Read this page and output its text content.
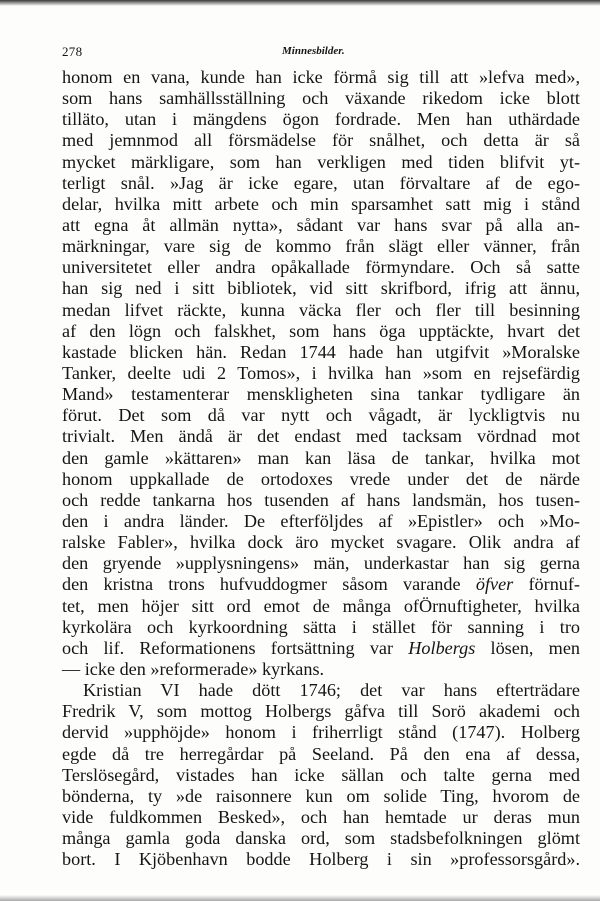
278	Minnesbilder.
honom en vana, kunde han icke förmå sig till att »lefva med»,
som hans samhällsställning och växande rikedom icke blott
tilläto, utan i mängdens ögon fordrade. Men han uthärdade
med jemnmod all försmädelse för snålhet, och detta är så
mycket märkligare, som han verkligen med tiden blifvit yt-
terligt snål. »Jag är icke egare, utan förvaltare af de ego-
delar, hvilka mitt arbete och min sparsamhet satt mig i stånd
att egna åt allmän nytta», sådant var hans svar på alla an-
märkningar, vare sig de kommo från slägt eller vänner, från
universitetet eller andra opåkallade förmyndare. Och så satte
han sig ned i sitt bibliotek, vid sitt skrifbord, ifrig att ännu,
medan lifvet räckte, kunna väcka fler och fler till besinning
af den lögn och falskhet, som hans öga upptäckte, hvart det
kastade blicken hän. Redan 1744 hade han utgifvit »Moralske
Tanker, deelte udi 2 Tomos», i hvilka han »som en rejsefärdig
Mand» testamenterar menskligheten sina tankar tydligare än
förut. Det som då var nytt och vågadt, är lyckligtvis nu
trivialt. Men ändå är det endast med tacksam vördnad mot
den gamle »kättaren» man kan läsa de tankar, hvilka mot
honom uppkallade de ortodoxes vrede under det de närde
och redde tankarna hos tusenden af hans landsmän, hos tusen-
den i andra länder. De efterföljdes af »Epistler» och »Mo-
ralske Fabler», hvilka dock äro mycket svagare. Olik andra af
den gryende »upplysningens» män, underkastar han sig gerna
den kristna trons hufvuddogmer såsom varande öfver förnuf-
tet, men höjer sitt ord emot de många ofÖrnuftigheter, hvilka
kyrkolära och kyrkoordning sätta i stället för sanning i tro
och lif. Reformationens fortsättning var Holbergs lösen, men
— icke den »reformerade» kyrkans.
Kristian VI hade dött 1746; det var hans efterträdare
Fredrik V, som mottog Holbergs gåfva till Sorö akademi och
dervid »upphöjde» honom i friherrligt stånd (1747). Holberg
egde då tre herregårdar på Seeland. På den ena af dessa,
Terslösegård, vistades han icke sällan och talte gerna med
bönderna, ty »de raisonnere kun om solide Ting, hvorom de
vide fuldkommen Besked», och han hemtade ur deras mun
många gamla goda danska ord, som stadsbefolkningen glömt
bort. I Kjöbenhavn bodde Holberg i sin »professorsgård».
